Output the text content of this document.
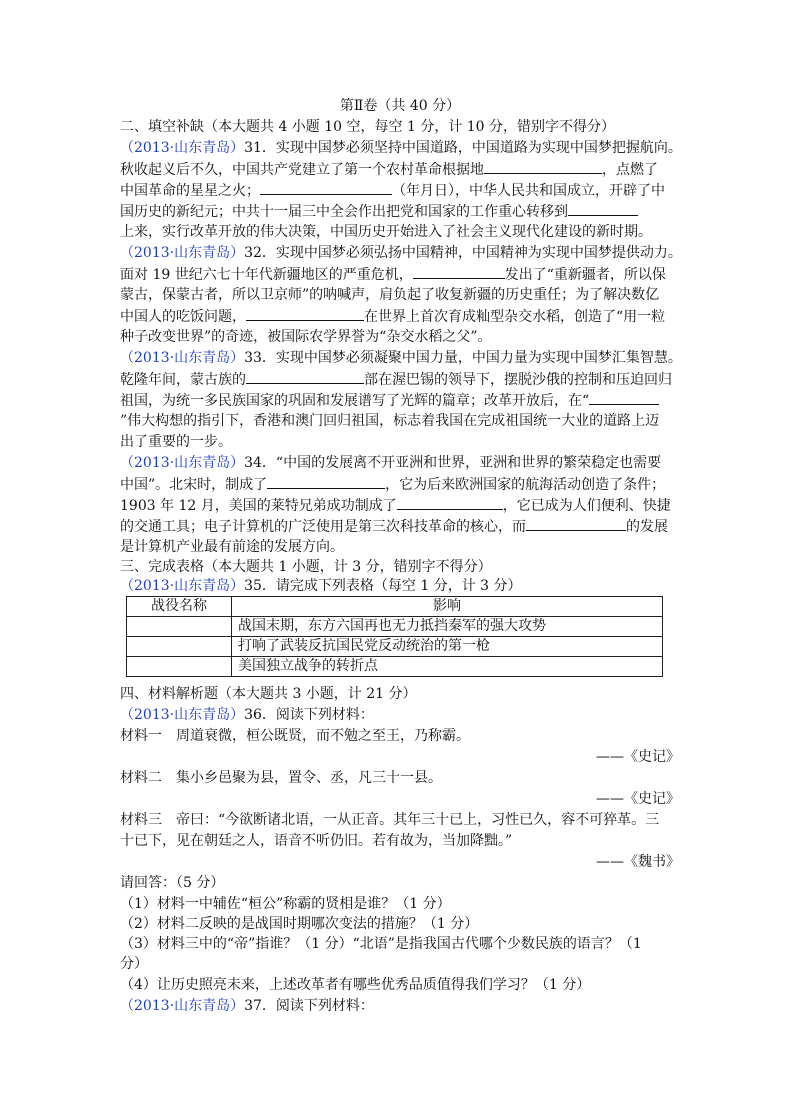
第Ⅱ卷（共 40 分）
二、填空补缺（本大题共 4 小题 10 空，每空 1 分，计 10 分，错别字不得分）
（2013·山东青岛）31．实现中国梦必须坚持中国道路，中国道路为实现中国梦把握航向。
秋收起义后不久，中国共产党建立了第一个农村革命根据地	，点燃了
中国革命的星星之火；	（年月日），中华人民共和国成立，开辟了中
国历史的新纪元；中共十一届三中全会作出把党和国家的工作重心转移到
上来，实行改革开放的伟大决策，中国历史开始进入了社会主义现代化建设的新时期。
（2013·山东青岛）32．实现中国梦必须弘扬中国精神，中国精神为实现中国梦提供动力。
面对 19 世纪六七十年代新疆地区的严重危机，	发出了“重新疆者，所以保
蒙古，保蒙古者，所以卫京师”的呐喊声，肩负起了收复新疆的历史重任；为了解决数亿
中国人的吃饭问题，	在世界上首次育成籼型杂交水稻，创造了“用一粒
种子改变世界”的奇迹，被国际农学界誉为“杂交水稻之父”。
（2013·山东青岛）33．实现中国梦必须凝聚中国力量，中国力量为实现中国梦汇集智慧。
乾隆年间，蒙古族的	部在渥巴锡的领导下，摆脱沙俄的控制和压迫回归
祖国，为统一多民族国家的巩固和发展谱写了光辉的篇章；改革开放后，在“
”伟大构想的指引下，香港和澳门回归祖国，标志着我国在完成祖国统一大业的道路上迈
出了重要的一步。
（2013·山东青岛）34．“中国的发展离不开亚洲和世界，亚洲和世界的繁荣稳定也需要
中国”。北宋时，制成了	，它为后来欧洲国家的航海活动创造了条件；
1903 年 12 月，美国的莱特兄弟成功制成了	，它已成为人们便利、快捷
的交通工具；电子计算机的广泛使用是第三次科技革命的核心，而	的发展
是计算机产业最有前途的发展方向。
三、完成表格（本大题共 1 小题，计 3 分，错别字不得分）
（2013·山东青岛）35．请完成下列表格（每空 1 分，计 3 分）
战役名称	影响
	战国末期，东方六国再也无力抵挡秦军的强大攻势
	打响了武装反抗国民党反动统治的第一枪
	美国独立战争的转折点
四、材料解析题（本大题共 3 小题，计 21 分）
（2013·山东青岛）36．阅读下列材料：
材料一　周道衰微，桓公既贤，而不勉之至王，乃称霸。
——《史记》
材料二　集小乡邑聚为县，置令、丞，凡三十一县。
——《史记》
材料三　帝曰：“今欲断诸北语，一从正音。其年三十已上，习性已久，容不可猝革。三
十已下，见在朝廷之人，语音不听仍旧。若有故为，当加降黜。”
——《魏书》
请回答：（5 分）
（1）材料一中辅佐“桓公”称霸的贤相是谁？（1 分）
（2）材料二反映的是战国时期哪次变法的措施？（1 分）
（3）材料三中的“帝”指谁？（1 分）“北语”是指我国古代哪个少数民族的语言？（1
分）
（4）让历史照亮未来，上述改革者有哪些优秀品质值得我们学习？（1 分）
（2013·山东青岛）37．阅读下列材料：
